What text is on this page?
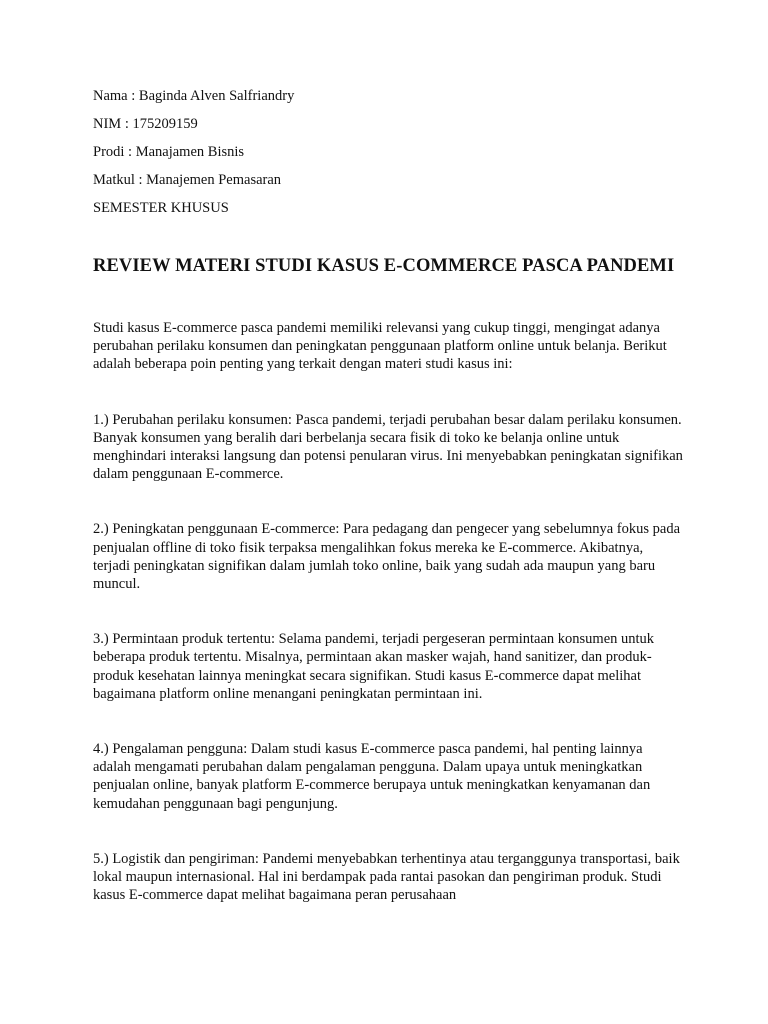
Nama : Baginda Alven Salfriandry

NIM : 175209159

Prodi : Manajamen Bisnis

Matkul : Manajemen Pemasaran

SEMESTER KHUSUS

REVIEW MATERI STUDI KASUS E-COMMERCE PASCA PANDEMI

Studi kasus E-commerce pasca pandemi memiliki relevansi yang cukup tinggi, mengingat adanya perubahan perilaku konsumen dan peningkatan penggunaan platform online untuk belanja. Berikut adalah beberapa poin penting yang terkait dengan materi studi kasus ini:

1.) Perubahan perilaku konsumen: Pasca pandemi, terjadi perubahan besar dalam perilaku konsumen. Banyak konsumen yang beralih dari berbelanja secara fisik di toko ke belanja online untuk menghindari interaksi langsung dan potensi penularan virus. Ini menyebabkan peningkatan signifikan dalam penggunaan E-commerce.

2.) Peningkatan penggunaan E-commerce: Para pedagang dan pengecer yang sebelumnya fokus pada penjualan offline di toko fisik terpaksa mengalihkan fokus mereka ke E-commerce. Akibatnya, terjadi peningkatan signifikan dalam jumlah toko online, baik yang sudah ada maupun yang baru muncul.

3.) Permintaan produk tertentu: Selama pandemi, terjadi pergeseran permintaan konsumen untuk beberapa produk tertentu. Misalnya, permintaan akan masker wajah, hand sanitizer, dan produk-produk kesehatan lainnya meningkat secara signifikan. Studi kasus E-commerce dapat melihat bagaimana platform online menangani peningkatan permintaan ini.

4.) Pengalaman pengguna: Dalam studi kasus E-commerce pasca pandemi, hal penting lainnya adalah mengamati perubahan dalam pengalaman pengguna. Dalam upaya untuk meningkatkan penjualan online, banyak platform E-commerce berupaya untuk meningkatkan kenyamanan dan kemudahan penggunaan bagi pengunjung.

5.) Logistik dan pengiriman: Pandemi menyebabkan terhentinya atau terganggunya transportasi, baik lokal maupun internasional. Hal ini berdampak pada rantai pasokan dan pengiriman produk. Studi kasus E-commerce dapat melihat bagaimana peran perusahaan
